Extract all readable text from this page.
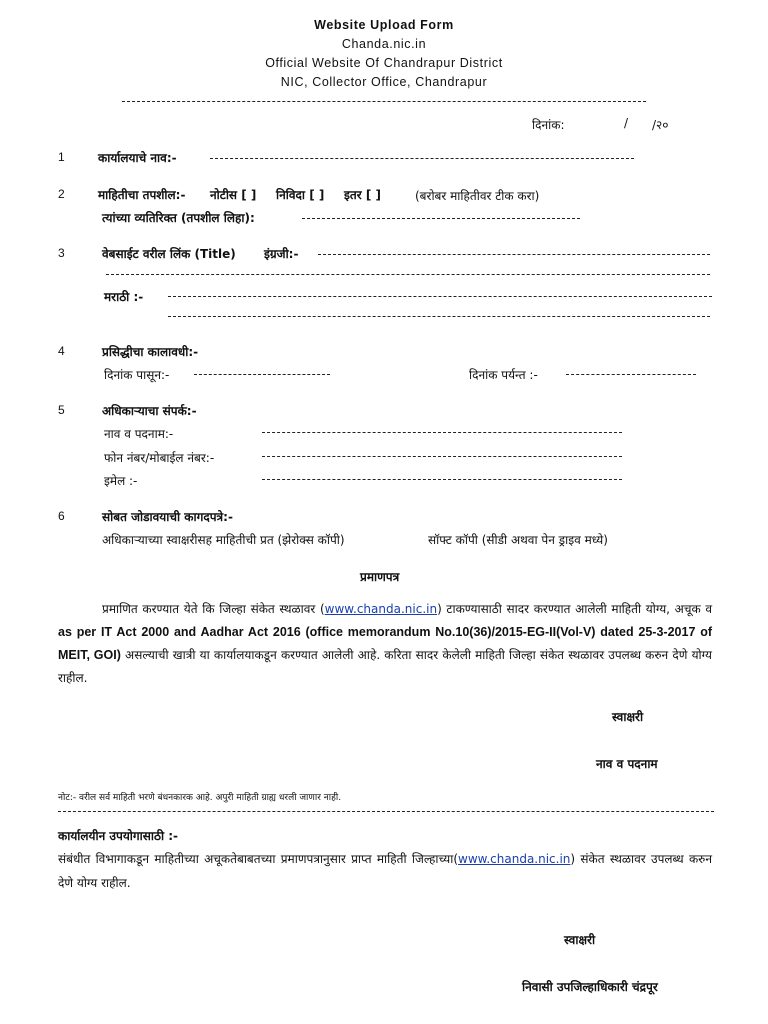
Website Upload Form
Chanda.nic.in
Official Website Of Chandrapur District
NIC, Collector Office, Chandrapur
दिनांक:	/ /२०
1	कार्यालयाचे नाव:-
2	माहितीचा तपशील:- नोटीस [ ] निविदा [ ] इतर [ ]	(बरोबर माहितीवर टीक करा)
त्यांच्या व्यतिरिक्त (तपशील लिहा):
3	वेबसाईट वरील लिंक (Title) इंग्रजी:-
मराठी :-
4	प्रसिद्धीचा कालावधी:-
दिनांक पासून:-	दिनांक पर्यन्त :-
5	अधिकाऱ्याचा संपर्क:-
नाव व पदनाम:-
फोन नंबर/मोबाईल नंबर:-
इमेल :-
6	सोबत जोडावयाची कागदपत्रे:-
अधिकाऱ्याच्या स्वाक्षरीसह माहितीची प्रत (झेरोक्स कॉपी)	सॉफ्ट कॉपी (सीडी अथवा पेन ड्राइव मध्ये)
प्रमाणपत्र
प्रमाणित करण्यात येते कि जिल्हा संकेत स्थळावर (www.chanda.nic.in) टाकण्यासाठी सादर करण्यात आलेली माहिती योग्य, अचूक व as per IT Act 2000 and Aadhar Act 2016 (office memorandum No.10(36)/2015-EG-II(Vol-V) dated 25-3-2017 of MEIT, GOI) असल्याची खात्री या कार्यालयाकडून करण्यात आलेली आहे. करिता सादर केलेली माहिती जिल्हा संकेत स्थळावर उपलब्ध करुन देणे योग्य राहील.
स्वाक्षरी
नाव व पदनाम
नोट:- वरील सर्व माहिती भरणे बंधनकारक आहे. अपुरी माहिती ग्राह्य धरली जाणार नाही.
कार्यालयीन उपयोगासाठी :-
संबंधीत विभागाकडून माहितीच्या अचूकतेबाबतच्या प्रमाणपत्रानुसार प्राप्त माहिती जिल्हाच्या(www.chanda.nic.in) संकेत स्थळावर उपलब्ध करुन देणे योग्य राहील.
स्वाक्षरी
निवासी उपजिल्हाधिकारी चंद्रपूर
